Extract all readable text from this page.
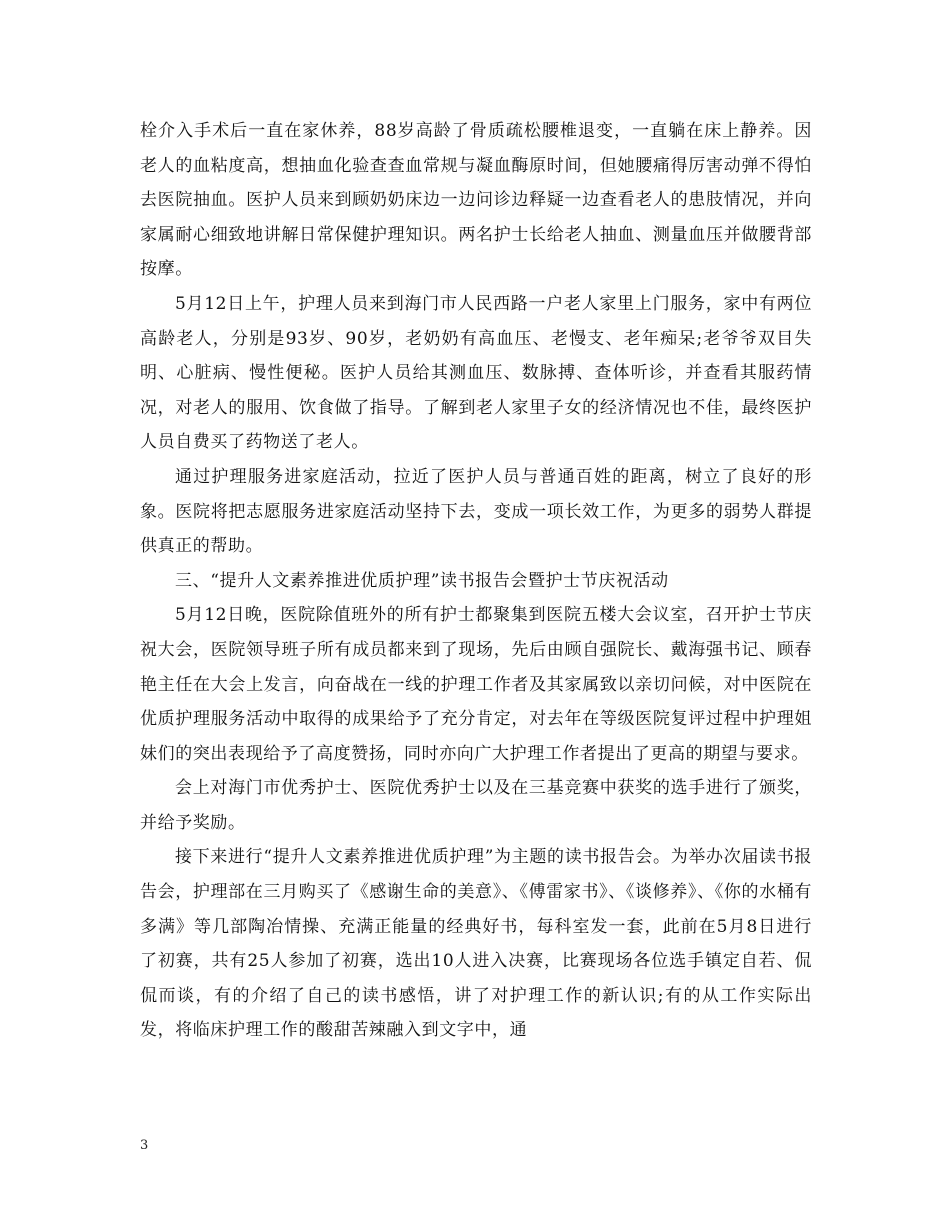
栓介入手术后一直在家休养，88岁高龄了骨质疏松腰椎退变，一直躺在床上静养。因老人的血粘度高，想抽血化验查查血常规与凝血酶原时间，但她腰痛得厉害动弹不得怕去医院抽血。医护人员来到顾奶奶床边一边问诊边释疑一边查看老人的患肢情况，并向家属耐心细致地讲解日常保健护理知识。两名护士长给老人抽血、测量血压并做腰背部按摩。

5月12日上午，护理人员来到海门市人民西路一户老人家里上门服务，家中有两位高龄老人，分别是93岁、90岁，老奶奶有高血压、老慢支、老年痴呆;老爷爷双目失明、心脏病、慢性便秘。医护人员给其测血压、数脉搏、查体听诊，并查看其服药情况，对老人的服用、饮食做了指导。了解到老人家里子女的经济情况也不佳，最终医护人员自费买了药物送了老人。

通过护理服务进家庭活动，拉近了医护人员与普通百姓的距离，树立了良好的形象。医院将把志愿服务进家庭活动坚持下去，变成一项长效工作，为更多的弱势人群提供真正的帮助。

三、“提升人文素养推进优质护理”读书报告会暨护士节庆祝活动

5月12日晚，医院除值班外的所有护士都聚集到医院五楼大会议室，召开护士节庆祝大会，医院领导班子所有成员都来到了现场，先后由顾自强院长、戴海强书记、顾春艳主任在大会上发言，向奋战在一线的护理工作者及其家属致以亲切问候，对中医院在优质护理服务活动中取得的成果给予了充分肯定，对去年在等级医院复评过程中护理姐妹们的突出表现给予了高度赞扬，同时亦向广大护理工作者提出了更高的期望与要求。

会上对海门市优秀护士、医院优秀护士以及在三基竞赛中获奖的选手进行了颁奖，并给予奖励。

接下来进行“提升人文素养推进优质护理”为主题的读书报告会。为举办次届读书报告会，护理部在三月购买了《感谢生命的美意》、《傅雷家书》、《谈修养》、《你的水桶有多满》等几部陶冶情操、充满正能量的经典好书，每科室发一套，此前在5月8日进行了初赛，共有25人参加了初赛，选出10人进入决赛，比赛现场各位选手镇定自若、侃侃而谈，有的介绍了自己的读书感悟，讲了对护理工作的新认识;有的从工作实际出发，将临床护理工作的酸甜苦辣融入到文字中，通

3
